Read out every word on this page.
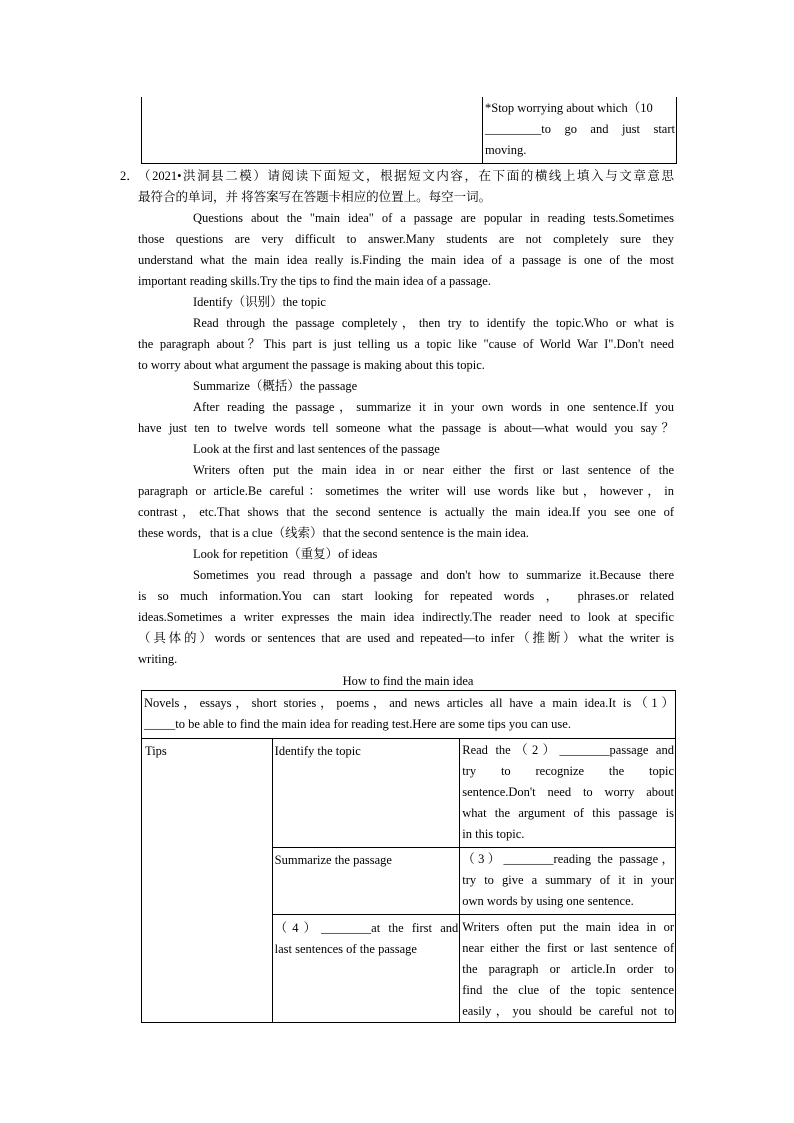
*Stop worrying about which（10
_________to go and just start
moving.
2． （2021•洪洞县二模）请阅读下面短文，根据短文内容，在下面的横线上填入与文章意思
最符合的单词，并 将答案写在答题卡相应的位置上。每空一词。
Questions about the "main idea" of a passage are popular in reading tests.Sometimes
those questions are very difficult to answer.Many students are not completely sure they
understand what the main idea really is.Finding the main idea of a passage is one of the most
important reading skills.Try the tips to find the main idea of a passage.
Identify（识别）the topic
Read through the passage completely，then try to identify the topic.Who or what is
the paragraph about？This part is just telling us a topic like "cause of World War I".Don't need
to worry about what argument the passage is making about this topic.
Summarize（概括）the passage
After reading the passage，summarize it in your own words in one sentence.If you
have just ten to twelve words tell someone what the passage is about—what would you say？
Look at the first and last sentences of the passage
Writers often put the main idea in or near either the first or last sentence of the
paragraph or article.Be careful：sometimes the writer will use words like but，however，in
contrast，etc.That shows that the second sentence is actually the main idea.If you see one of
these words，that is a clue（线索）that the second sentence is the main idea.
Look for repetition（重复）of ideas
Sometimes you read through a passage and don't how to summarize it.Because there
is so much information.You can start looking for repeated words ， phrases.or related
ideas.Sometimes a writer expresses the main idea indirectly.The reader need to look at specific
（具体的）words or sentences that are used and repeated—to infer（推断）what the writer is
writing.
How to find the main idea
Novels，essays，short stories，poems，and news articles all have a main idea.It is（1）
_____to be able to find the main idea for reading test.Here are some tips you can use.		

Tips	Identify the topic	Read the（2）________passage and
try to recognize the topic
sentence.Don't need to worry about
what the argument of this passage is
in this topic.

	Summarize the passage	（3）________reading the passage，
try to give a summary of it in your
own words by using one sentence.

	（4）________at the first and
last sentences of the passage	Writers often put the main idea in or
near either the first or last sentence of
the paragraph or article.In order to
find the clue of the topic sentence
easily，you should be careful not to
